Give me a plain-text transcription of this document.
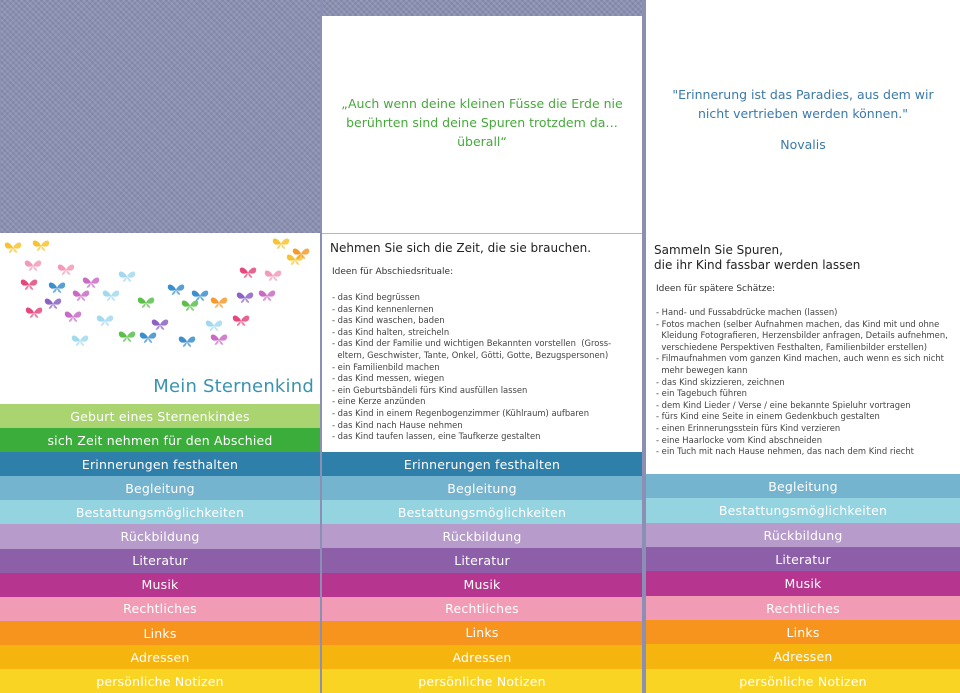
„Auch wenn deine kleinen Füsse die Erde nie berührten sind deine Spuren trotzdem da… überall“

"Erinnerung ist das Paradies, aus dem wir nicht vertrieben werden können."

Novalis

Mein Sternenkind
Nehmen Sie sich die Zeit, die sie brauchen.
Ideen für Abschiedsrituale:
- das Kind begrüssen
- das Kind kennenlernen
- das Kind waschen, baden
- das Kind halten, streicheln
- das Kind der Familie und wichtigen Bekannten vorstellen  (Gross-
eltern, Geschwister, Tante, Onkel, Götti, Gotte, Bezugspersonen)
- ein Familienbild machen
- das Kind messen, wiegen
- ein Geburtsbändeli fürs Kind ausfüllen lassen
- eine Kerze anzünden
- das Kind in einem Regenbogenzimmer (Kühlraum) aufbaren
- das Kind nach Hause nehmen
- das Kind taufen lassen, eine Taufkerze gestalten
Sammeln Sie Spuren,
die ihr Kind fassbar werden lassen
Ideen für spätere Schätze:
- Hand- und Fussabdrücke machen (lassen)
- Fotos machen (selber Aufnahmen machen, das Kind mit und ohne
Kleidung Fotografieren, Herzensbilder anfragen, Details aufnehmen,
verschiedene Perspektiven Festhalten, Familienbilder erstellen)
- Filmaufnahmen vom ganzen Kind machen, auch wenn es sich nicht
mehr bewegen kann
- das Kind skizzieren, zeichnen
- ein Tagebuch führen
- dem Kind Lieder / Verse / eine bekannte Spieluhr vortragen
- fürs Kind eine Seite in einem Gedenkbuch gestalten
- einen Erinnerungsstein fürs Kind verzieren
- eine Haarlocke vom Kind abschneiden
- ein Tuch mit nach Hause nehmen, das nach dem Kind riecht
Geburt eines Sternenkindes
sich Zeit nehmen für den Abschied
Erinnerungen festhalten
Begleitung
Bestattungsmöglichkeiten
Rückbildung
Literatur
Musik
Rechtliches
Links
Adressen
persönliche Notizen
Erinnerungen festhalten
Begleitung
Bestattungsmöglichkeiten
Rückbildung
Literatur
Musik
Rechtliches
Links
Adressen
persönliche Notizen
Begleitung
Bestattungsmöglichkeiten
Rückbildung
Literatur
Musik
Rechtliches
Links
Adressen
persönliche Notizen
